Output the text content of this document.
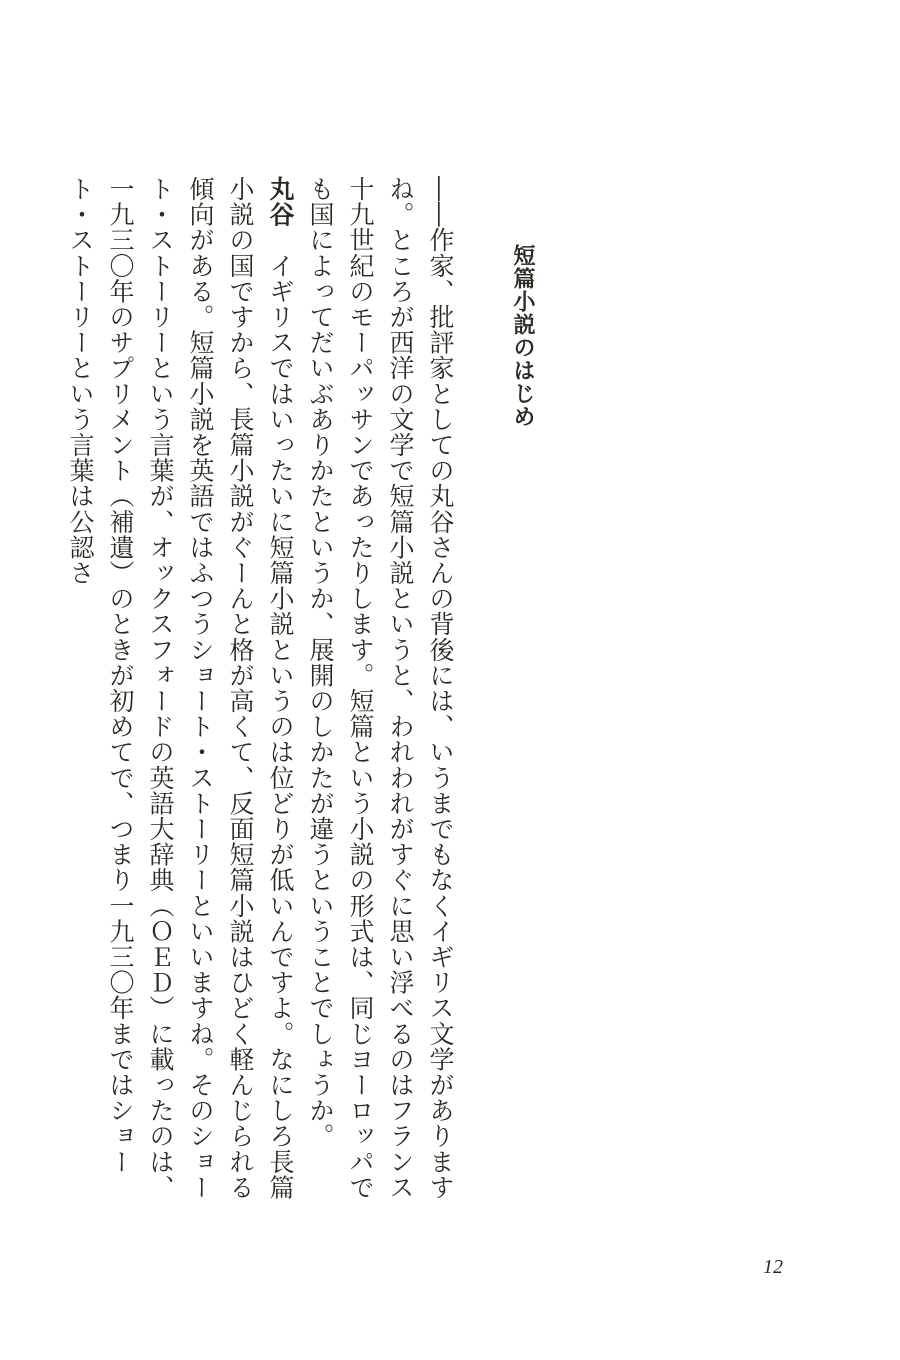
短篇小説のはじめ

――作家、批評家としての丸谷さんの背後には、いうまでもなくイギリス文学がありますね。ところが西洋の文学で短篇小説というと、われわれがすぐに思い浮べるのはフランス十九世紀のモーパッサンであったりします。短篇という小説の形式は、同じヨーロッパでも国によってだいぶありかたというか、展開のしかたが違うということでしょうか。

丸谷　イギリスではいったいに短篇小説というのは位どりが低いんですよ。なにしろ長篇小説の国ですから、長篇小説がぐーんと格が高くて、反面短篇小説はひどく軽んじられる傾向がある。短篇小説を英語ではふつうショート・ストーリーといいますね。そのショート・ストーリーという言葉が、オックスフォードの英語大辞典（ＯＥＤ）に載ったのは、一九三〇年のサプリメント（補遺）のときが初めてで、つまり一九三〇年まではショート・ストーリーという言葉は公認さ

12
